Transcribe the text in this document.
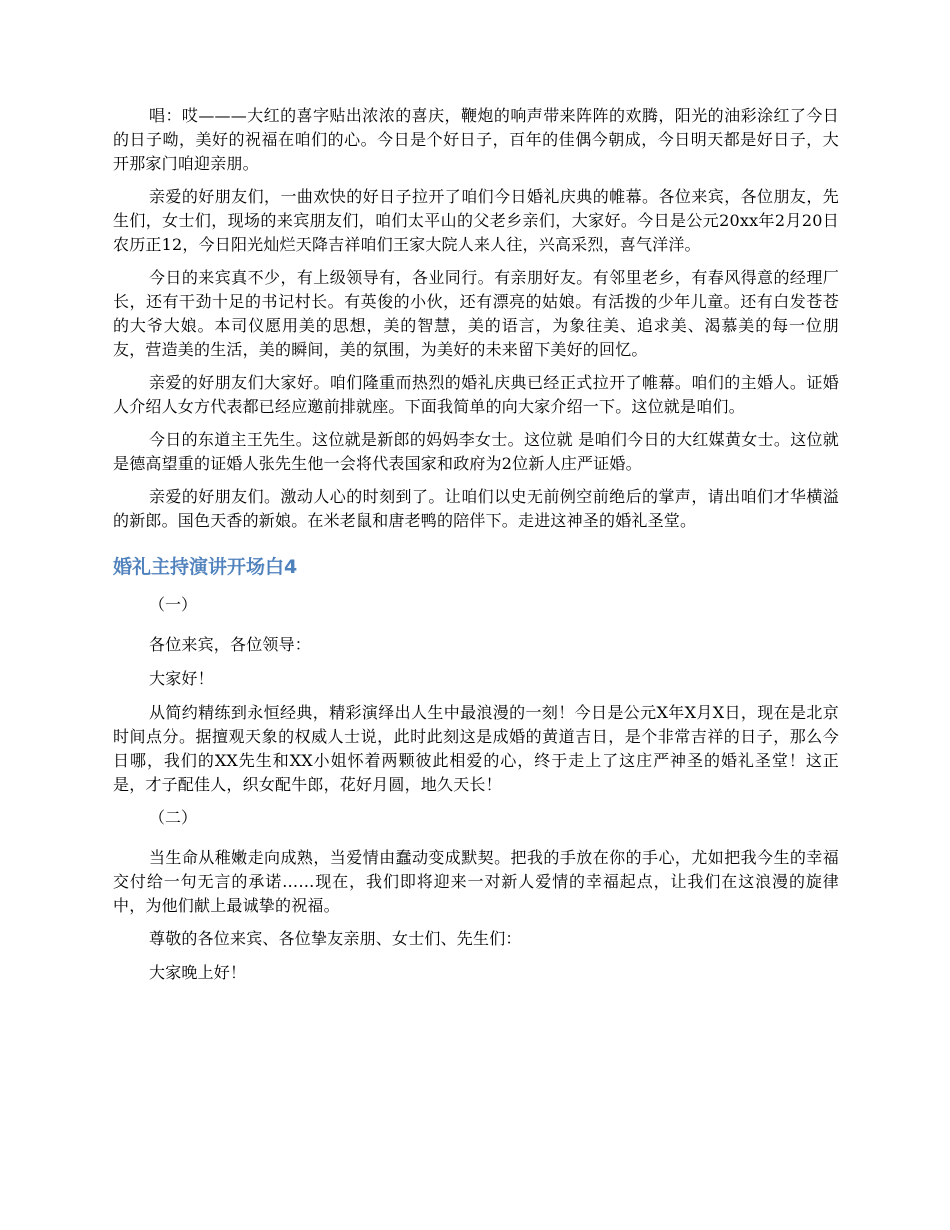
唱：哎———大红的喜字贴出浓浓的喜庆，鞭炮的响声带来阵阵的欢腾，阳光的油彩涂红了今日的日子呦，美好的祝福在咱们的心。今日是个好日子，百年的佳偶今朝成，今日明天都是好日子，大开那家门咱迎亲朋。

亲爱的好朋友们，一曲欢快的好日子拉开了咱们今日婚礼庆典的帷幕。各位来宾，各位朋友，先生们，女士们，现场的来宾朋友们，咱们太平山的父老乡亲们，大家好。今日是公元20xx年2月20日农历正12，今日阳光灿烂天降吉祥咱们王家大院人来人往，兴高采烈，喜气洋洋。

今日的来宾真不少，有上级领导有，各业同行。有亲朋好友。有邻里老乡，有春风得意的经理厂长，还有干劲十足的书记村长。有英俊的小伙，还有漂亮的姑娘。有活拨的少年儿童。还有白发苍苍 的大爷大娘。本司仪愿用美的思想，美的智慧，美的语言，为象往美、追求美、渴慕美的每一位朋友，营造美的生活，美的瞬间，美的氛围，为美好的未来留下美好的回忆。

亲爱的好朋友们大家好。咱们隆重而热烈的婚礼庆典已经正式拉开了帷幕。咱们的主婚人。证婚人介绍人女方代表都已经应邀前排就座。下面我简单的向大家介绍一下。这位就是咱们。

今日的东道主王先生。这位就是新郎的妈妈李女士。这位就 是咱们今日的大红媒黄女士。这位就是德高望重的证婚人张先生他一会将代表国家和政府为2位新人庄严证婚。

亲爱的好朋友们。激动人心的时刻到了。让咱们以史无前例空前绝后的掌声，请出咱们才华横溢的新郎。国色天香的新娘。在米老鼠和唐老鸭的陪伴下。走进这神圣的婚礼圣堂。

婚礼主持演讲开场白4

（一）

各位来宾，各位领导：

大家好！

从简约精练到永恒经典，精彩演绎出人生中最浪漫的一刻！今日是公元X年X月X日，现在是北京时间点分。据擅观天象的权威人士说，此时此刻这是成婚的黄道吉日，是个非常吉祥的日子，那么今日哪，我们的XX先生和XX小姐怀着两颗彼此相爱的心，终于走上了这庄严神圣的婚礼圣堂！这正是，才子配佳人，织女配牛郎，花好月圆，地久天长！

（二）

当生命从稚嫩走向成熟，当爱情由蠢动变成默契。把我的手放在你的手心，尤如把我今生的幸福交付给一句无言的承诺……现在，我们即将迎来一对新人爱情的幸福起点，让我们在这浪漫的旋律中，为他们献上最诚挚的祝福。

尊敬的各位来宾、各位挚友亲朋、女士们、先生们：

大家晚上好！
